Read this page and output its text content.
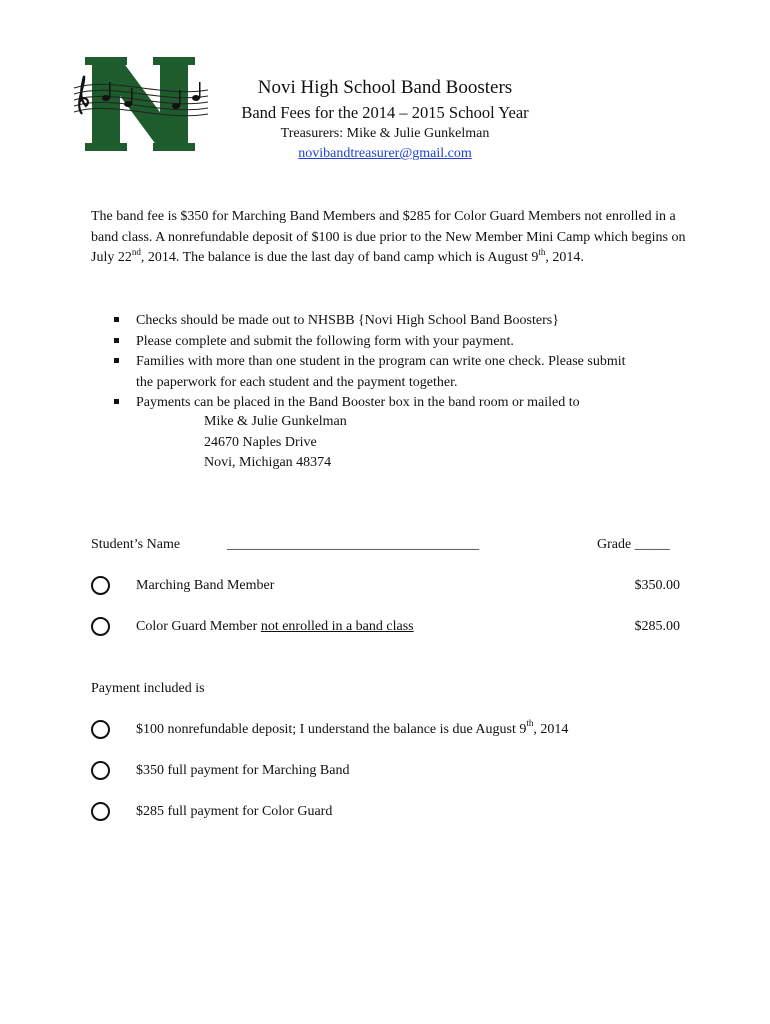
Novi High School Band Boosters
Band Fees for the 2014 – 2015 School Year
Treasurers: Mike & Julie Gunkelman
novibandtreasurer@gmail.com
The band fee is $350 for Marching Band Members and $285 for Color Guard Members not enrolled in a band class. A nonrefundable deposit of $100 is due prior to the New Member Mini Camp which begins on July 22nd, 2014. The balance is due the last day of band camp which is August 9th, 2014.
Checks should be made out to NHSBB {Novi High School Band Boosters}
Please complete and submit the following form with your payment.
Families with more than one student in the program can write one check. Please submit
the paperwork for each student and the payment together.
Payments can be placed in the Band Booster box in the band room or mailed to
Mike & Julie Gunkelman
24670 Naples Drive
Novi, Michigan 48374
Student’s Name	____________________________________	Grade _____
Marching Band Member	$350.00
Color Guard Member not enrolled in a band class	$285.00
Payment included is
$100 nonrefundable deposit; I understand the balance is due August 9th, 2014
$350 full payment for Marching Band
$285 full payment for Color Guard
